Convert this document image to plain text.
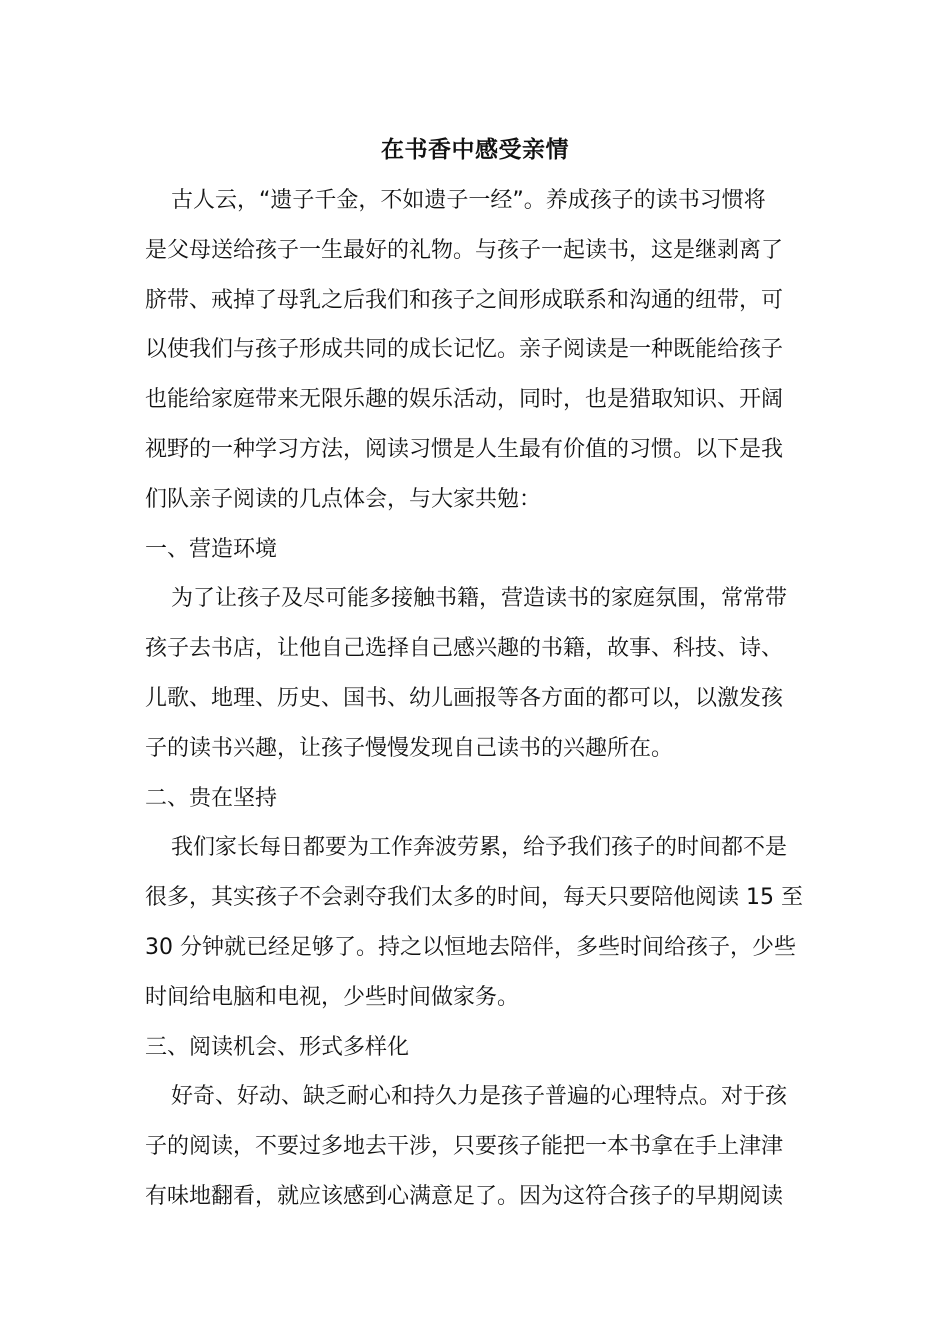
在书香中感受亲情
古人云，“遗子千金，不如遗子一经”。养成孩子的读书习惯将
是父母送给孩子一生最好的礼物。与孩子一起读书，这是继剥离了
脐带、戒掉了母乳之后我们和孩子之间形成联系和沟通的纽带，可
以使我们与孩子形成共同的成长记忆。亲子阅读是一种既能给孩子
也能给家庭带来无限乐趣的娱乐活动，同时，也是猎取知识、开阔
视野的一种学习方法，阅读习惯是人生最有价值的习惯。以下是我
们队亲子阅读的几点体会，与大家共勉：
一、营造环境
为了让孩子及尽可能多接触书籍，营造读书的家庭氛围，常常带
孩子去书店，让他自己选择自己感兴趣的书籍，故事、科技、诗、
儿歌、地理、历史、国书、幼儿画报等各方面的都可以，以激发孩
子的读书兴趣，让孩子慢慢发现自己读书的兴趣所在。
二、贵在坚持
我们家长每日都要为工作奔波劳累，给予我们孩子的时间都不是
很多，其实孩子不会剥夺我们太多的时间，每天只要陪他阅读 15 至
30 分钟就已经足够了。持之以恒地去陪伴，多些时间给孩子，少些
时间给电脑和电视，少些时间做家务。
三、阅读机会、形式多样化
好奇、好动、缺乏耐心和持久力是孩子普遍的心理特点。对于孩
子的阅读，不要过多地去干涉，只要孩子能把一本书拿在手上津津
有味地翻看，就应该感到心满意足了。因为这符合孩子的早期阅读
